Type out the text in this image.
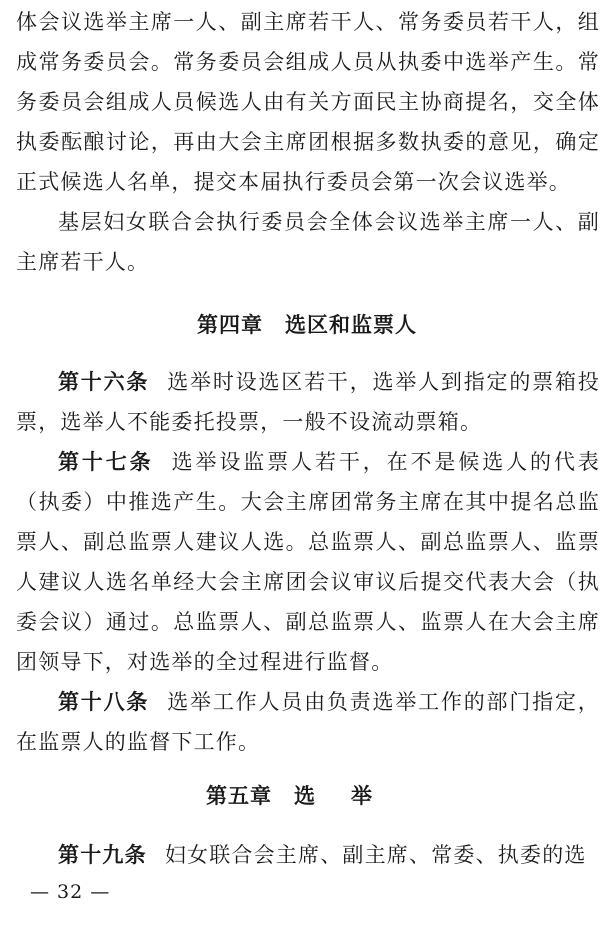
体会议选举主席一人、副主席若干人、常务委员若干人，组成常务委员会。常务委员会组成人员从执委中选举产生。常务委员会组成人员候选人由有关方面民主协商提名，交全体执委酝酿讨论，再由大会主席团根据多数执委的意见，确定正式候选人名单，提交本届执行委员会第一次会议选举。

基层妇女联合会执行委员会全体会议选举主席一人、副主席若干人。

第四章 选区和监票人

第十六条 选举时设选区若干，选举人到指定的票箱投票，选举人不能委托投票，一般不设流动票箱。

第十七条 选举设监票人若干，在不是候选人的代表（执委）中推选产生。大会主席团常务主席在其中提名总监票人、副总监票人建议人选。总监票人、副总监票人、监票人建议人选名单经大会主席团会议审议后提交代表大会（执委会议）通过。总监票人、副总监票人、监票人在大会主席团领导下，对选举的全过程进行监督。

第十八条 选举工作人员由负责选举工作的部门指定，在监票人的监督下工作。

第五章 选举

第十九条 妇女联合会主席、副主席、常委、执委的选

— 32 —
